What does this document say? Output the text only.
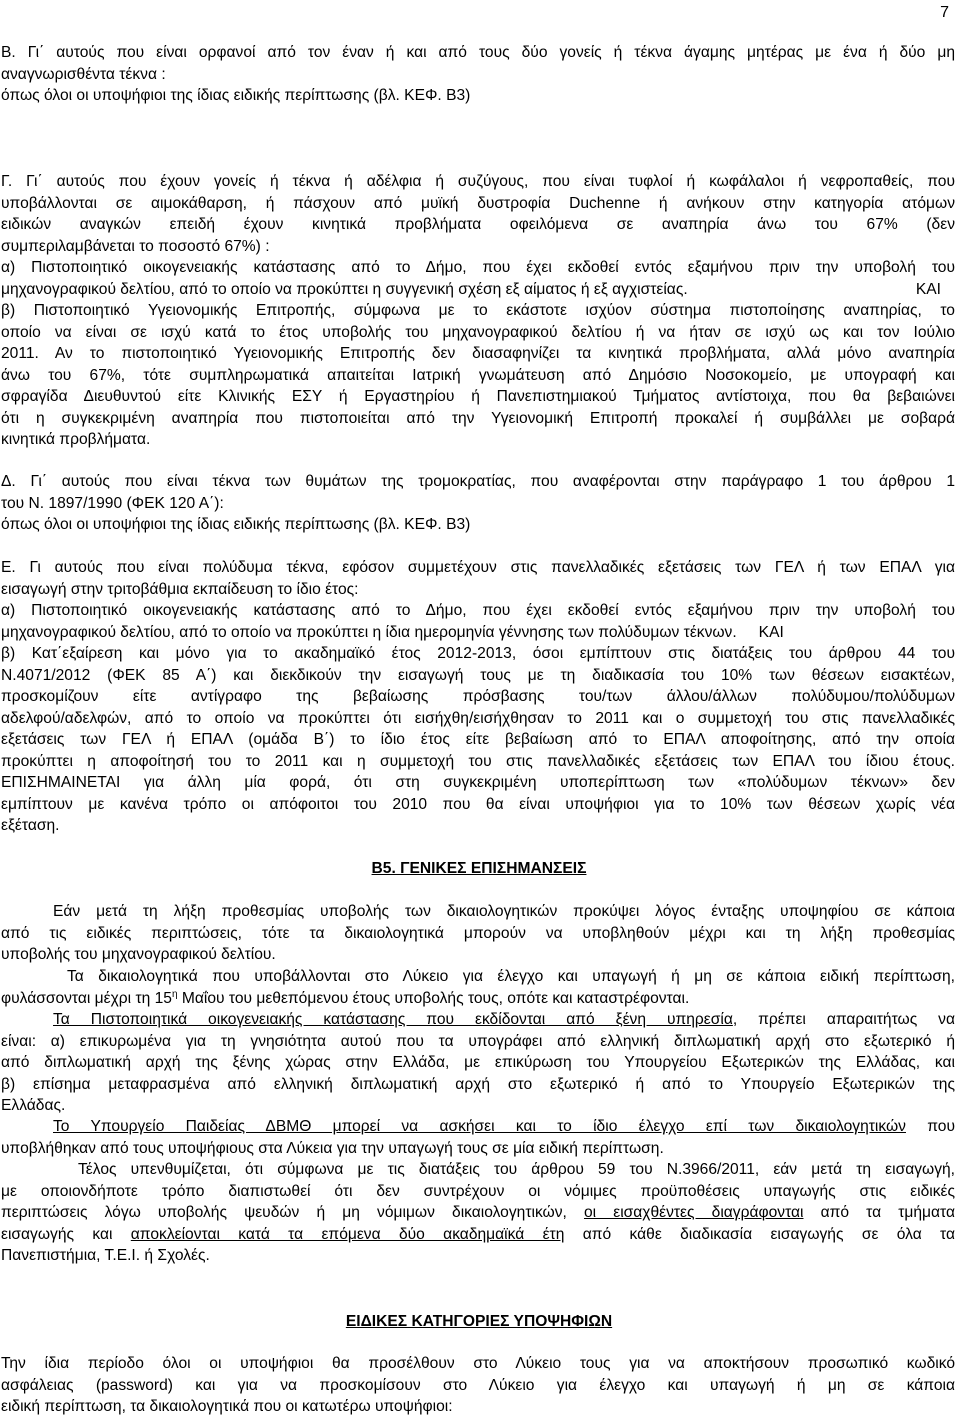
7

B. Γι΄ αυτούς που είναι ορφανοί από τον έναν ή και από τους δύο γονείς ή τέκνα άγαμης μητέρας με ένα ή δύο μη

αναγνωρισθέντα τέκνα :

όπως όλοι οι υποψήφιοι της ίδιας ειδικής περίπτωσης (βλ. ΚΕΦ. Β3)

Γ. Γι΄ αυτούς που έχουν γονείς ή τέκνα ή αδέλφια ή συζύγους, που είναι τυφλοί ή κωφάλαλοι ή νεφροπαθείς, που

υποβάλλονται σε αιμοκάθαρση, ή πάσχουν από μυϊκή δυστροφία Duchenne ή ανήκουν στην κατηγορία ατόμων

ειδικών αναγκών επειδή έχουν κινητικά προβλήματα οφειλόμενα σε αναπηρία άνω του 67% (δεν

συμπεριλαμβάνεται το ποσοστό 67%) :

α) Πιστοποιητικό οικογενειακής κατάστασης από το Δήμο, που έχει εκδοθεί εντός εξαμήνου πριν την υποβολή του

μηχανογραφικού δελτίου, από το οποίο να προκύπτει η συγγενική σχέση εξ αίματος ή εξ αγχιστείας.	ΚΑΙ

β) Πιστοποιητικό Υγειονομικής Επιτροπής, σύμφωνα με το εκάστοτε ισχύον σύστημα πιστοποίησης αναπηρίας, το

οποίο να είναι σε ισχύ κατά το έτος υποβολής του μηχανογραφικού δελτίου ή να ήταν σε ισχύ ως και τον Ιούλιο

2011. Αν το πιστοποιητικό Υγειονομικής Επιτροπής δεν διασαφηνίζει τα κινητικά προβλήματα, αλλά μόνο αναπηρία

άνω του 67%, τότε συμπληρωματικά απαιτείται Ιατρική γνωμάτευση από Δημόσιο Νοσοκομείο, με υπογραφή και

σφραγίδα Διευθυντού είτε Κλινικής ΕΣΥ ή Εργαστηρίου ή Πανεπιστημιακού Τμήματος αντίστοιχα, που θα βεβαιώνει

ότι η συγκεκριμένη αναπηρία που πιστοποιείται από την Υγειονομική Επιτροπή προκαλεί ή συμβάλλει με σοβαρά

κινητικά προβλήματα.

Δ. Γι΄ αυτούς που είναι τέκνα των θυμάτων της τρομοκρατίας, που αναφέρονται στην παράγραφο 1 του άρθρου 1

του Ν. 1897/1990 (ΦΕΚ 120 Α΄):

όπως όλοι οι υποψήφιοι της ίδιας ειδικής περίπτωσης (βλ. ΚΕΦ. Β3)

Ε. Γι αυτούς που είναι πολύδυμα τέκνα, εφόσον συμμετέχουν στις πανελλαδικές εξετάσεις των ΓΕΛ ή των ΕΠΑΛ για

εισαγωγή στην τριτοβάθμια εκπαίδευση το ίδιο έτος:

α) Πιστοποιητικό οικογενειακής κατάστασης από το Δήμο, που έχει εκδοθεί εντός εξαμήνου πριν την υποβολή του

μηχανογραφικού δελτίου, από το οποίο να προκύπτει η ίδια ημερομηνία γέννησης των πολύδυμων τέκνων. ΚΑΙ

β) Κατ΄εξαίρεση και μόνο για το ακαδημαϊκό έτος 2012-2013, όσοι εμπίπτουν στις διατάξεις του άρθρου 44 του

Ν.4071/2012 (ΦΕΚ 85 Α΄) και διεκδικούν την εισαγωγή τους με τη διαδικασία του 10% των θέσεων εισακτέων,

προσκομίζουν είτε αντίγραφο της βεβαίωσης πρόσβασης του/των άλλου/άλλων πολύδυμου/πολύδυμων

αδελφού/αδελφών, από το οποίο να προκύπτει ότι εισήχθη/εισήχθησαν το 2011 και ο συμμετοχή του στις πανελλαδικές

εξετάσεις των ΓΕΛ ή ΕΠΑΛ (ομάδα Β΄) το ίδιο έτος είτε βεβαίωση από το ΕΠΑΛ αποφοίτησης, από την οποία

προκύπτει η αποφοίτησή του το 2011 και η συμμετοχή του στις πανελλαδικές εξετάσεις των ΕΠΑΛ του ίδιου έτους.

ΕΠΙΣΗΜΑΙΝΕΤΑΙ για άλλη μία φορά, ότι στη συγκεκριμένη υποπερίπτωση των «πολύδυμων τέκνων» δεν

εμπίπτουν με κανένα τρόπο οι απόφοιτοι του 2010 που θα είναι υποψήφιοι για το 10% των θέσεων χωρίς νέα

εξέταση.

Β5. ΓΕΝΙΚΕΣ ΕΠΙΣΗΜΑΝΣΕΙΣ

Εάν μετά τη λήξη προθεσμίας υποβολής των δικαιολογητικών προκύψει λόγος ένταξης υποψηφίου σε κάποια

από τις ειδικές περιπτώσεις, τότε τα δικαιολογητικά μπορούν να υποβληθούν μέχρι και τη λήξη προθεσμίας

υποβολής του μηχανογραφικού δελτίου.

Τα δικαιολογητικά που υποβάλλονται στο Λύκειο για έλεγχο και υπαγωγή ή μη σε κάποια ειδική περίπτωση,

φυλάσσονται μέχρι τη $15^\eta$ Μαΐου του μεθεπόμενου έτους υποβολής τους, οπότε και καταστρέφονται.

Τα Πιστοποιητικά οικογενειακής κατάστασης που εκδίδονται από ξένη υπηρεσία, πρέπει απαραιτήτως να

είναι: α) επικυρωμένα για τη γνησιότητα αυτού που τα υπογράφει από ελληνική διπλωματική αρχή στο εξωτερικό ή

από διπλωματική αρχή της ξένης χώρας στην Ελλάδα, με επικύρωση του Υπουργείου Εξωτερικών της Ελλάδας, και

β) επίσημα μεταφρασμένα από ελληνική διπλωματική αρχή στο εξωτερικό ή από το Υπουργείο Εξωτερικών της

Ελλάδας.

Το Υπουργείο Παιδείας ΔΒΜΘ μπορεί να ασκήσει και το ίδιο έλεγχο επί των δικαιολογητικών που

υποβλήθηκαν από τους υποψήφιους στα Λύκεια για την υπαγωγή τους σε μία ειδική περίπτωση.

Τέλος υπενθυμίζεται, ότι σύμφωνα με τις διατάξεις του άρθρου 59 του Ν.3966/2011, εάν μετά τη εισαγωγή,

με οποιονδήποτε τρόπο διαπιστωθεί ότι δεν συντρέχουν οι νόμιμες προϋποθέσεις υπαγωγής στις ειδικές

περιπτώσεις λόγω υποβολής ψευδών ή μη νόμιμων δικαιολογητικών, οι εισαχθέντες διαγράφονται από τα τμήματα

εισαγωγής και αποκλείονται κατά τα επόμενα δύο ακαδημαϊκά έτη από κάθε διαδικασία εισαγωγής σε όλα τα

Πανεπιστήμια, Τ.Ε.Ι. ή Σχολές.

ΕΙΔΙΚΕΣ ΚΑΤΗΓΟΡΙΕΣ ΥΠΟΨΗΦΙΩΝ

Την ίδια περίοδο όλοι οι υποψήφιοι θα προσέλθουν στο Λύκειο τους για να αποκτήσουν προσωπικό κωδικό

ασφάλειας (password) και για να προσκομίσουν στο Λύκειο για έλεγχο και υπαγωγή ή μη σε κάποια

ειδική περίπτωση, τα δικαιολογητικά που οι κατωτέρω υποψήφιοι:
